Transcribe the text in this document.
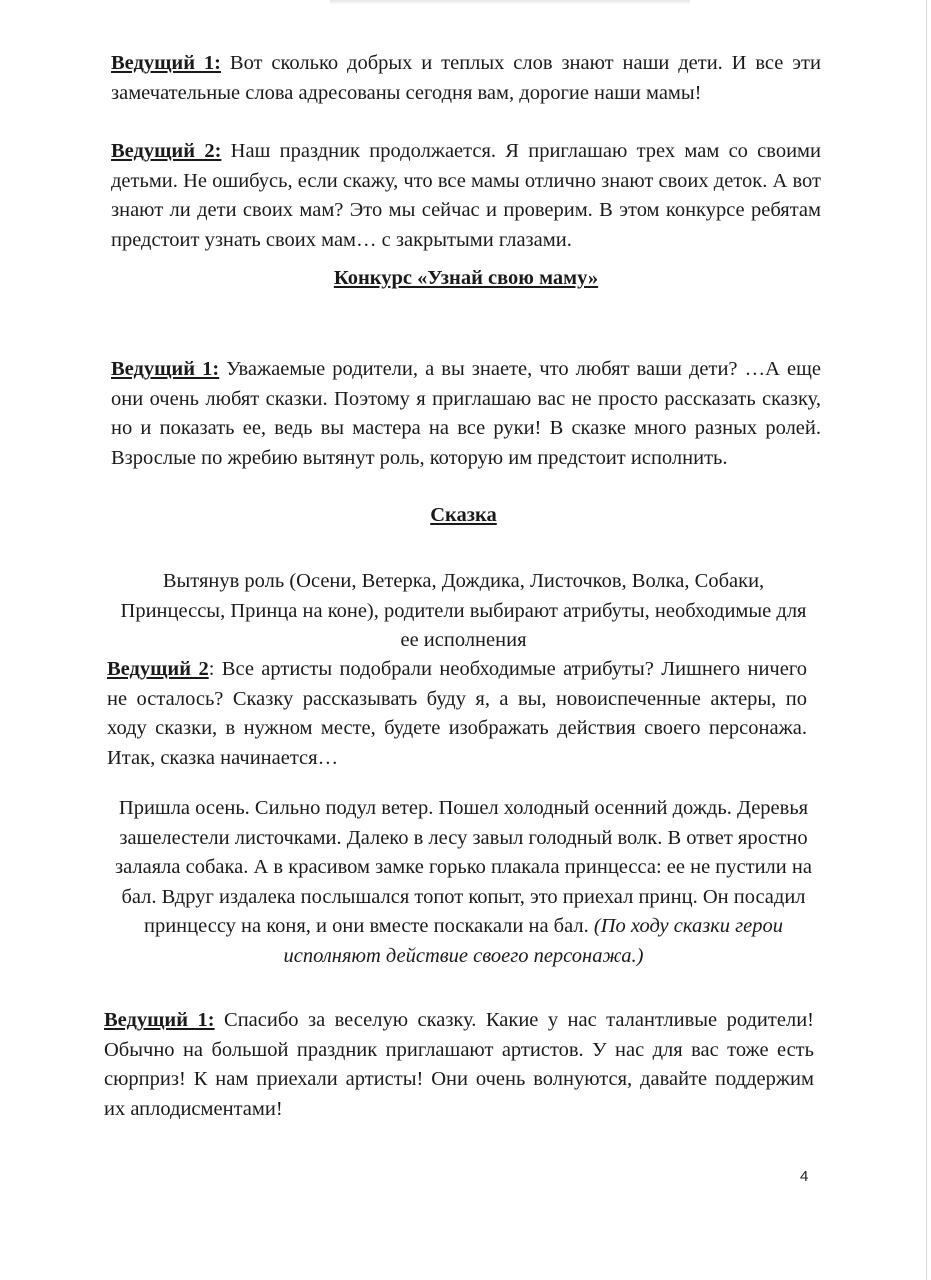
Ведущий 1: Вот сколько добрых и теплых слов знают наши дети. И все эти замечательные слова адресованы сегодня вам, дорогие наши мамы!

Ведущий 2: Наш праздник продолжается. Я приглашаю трех мам со своими детьми. Не ошибусь, если скажу, что все мамы отлично знают своих деток. А вот знают ли дети своих мам? Это мы сейчас и проверим. В этом конкурсе ребятам предстоит узнать своих мам… с закрытыми глазами.

Конкурс «Узнай свою маму»

Ведущий 1: Уважаемые родители, а вы знаете, что любят ваши дети? …А еще они очень любят сказки. Поэтому я приглашаю вас не просто рассказать сказку, но и показать ее, ведь вы мастера на все руки! В сказке много разных ролей. Взрослые по жребию вытянут роль, которую им предстоит исполнить.

Сказка

Вытянув роль (Осени, Ветерка, Дождика, Листочков, Волка, Собаки, Принцессы, Принца на коне), родители выбирают атрибуты, необходимые для ее исполнения

Ведущий 2: Все артисты подобрали необходимые атрибуты? Лишнего ничего не осталось? Сказку рассказывать буду я, а вы, новоиспеченные актеры, по ходу сказки, в нужном месте, будете изображать действия своего персонажа. Итак, сказка начинается…

Пришла осень. Сильно подул ветер. Пошел холодный осенний дождь. Деревья зашелестели листочками. Далеко в лесу завыл голодный волк. В ответ яростно залаяла собака. А в красивом замке горько плакала принцесса: ее не пустили на бал. Вдруг издалека послышался топот копыт, это приехал принц. Он посадил принцессу на коня, и они вместе поскакали на бал. (По ходу сказки герои исполняют действие своего персонажа.)

Ведущий 1: Спасибо за веселую сказку. Какие у нас талантливые родители! Обычно на большой праздник приглашают артистов. У нас для вас тоже есть сюрприз! К нам приехали артисты! Они очень волнуются, давайте поддержим их аплодисментами!

4
